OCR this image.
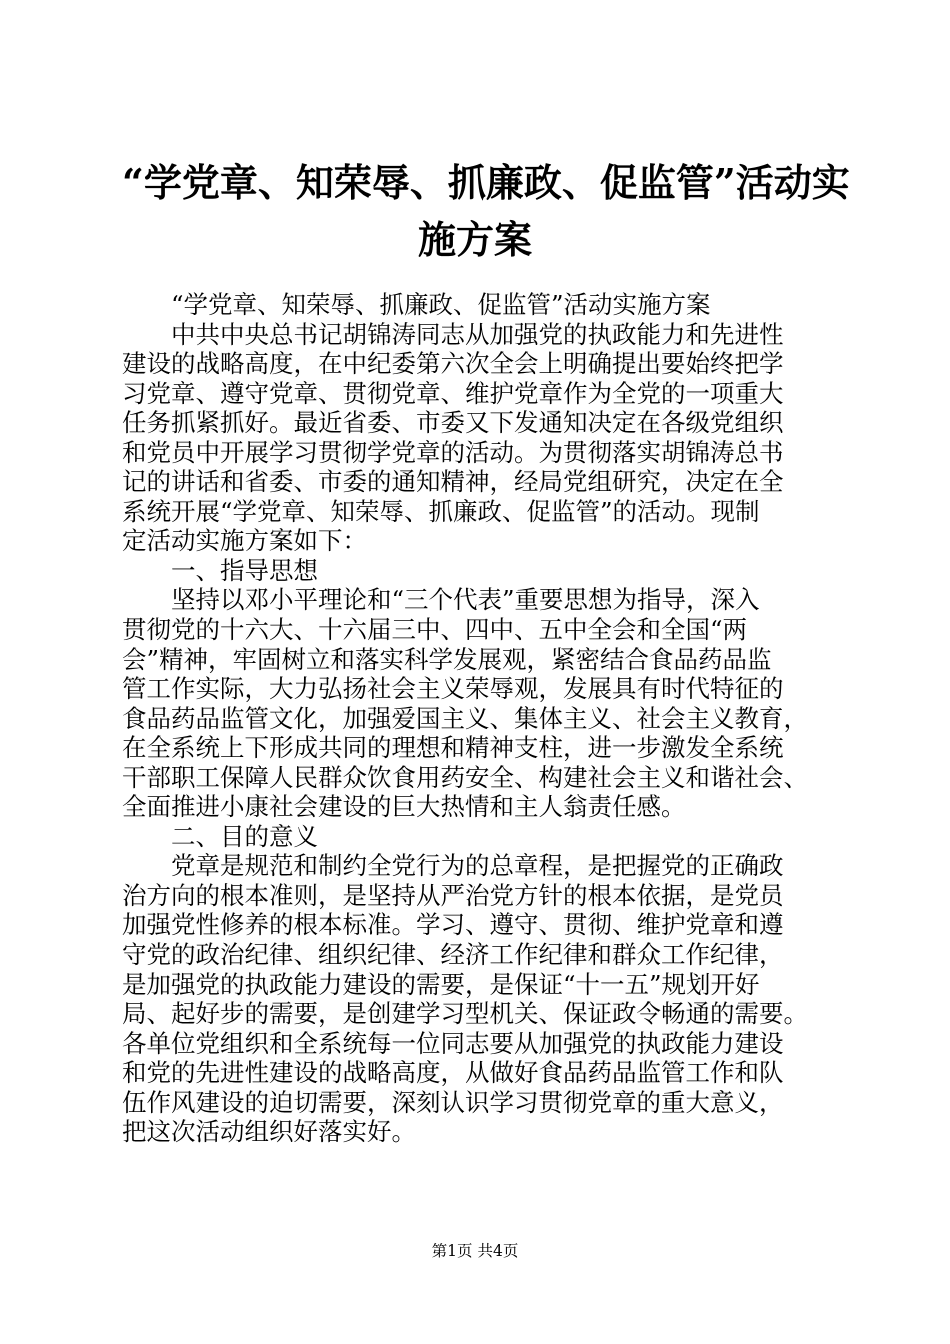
“学党章、知荣辱、抓廉政、促监管”活动实
施方案
　　“学党章、知荣辱、抓廉政、促监管”活动实施方案
　　中共中央总书记胡锦涛同志从加强党的执政能力和先进性
建设的战略高度，在中纪委第六次全会上明确提出要始终把学
习党章、遵守党章、贯彻党章、维护党章作为全党的一项重大
任务抓紧抓好。最近省委、市委又下发通知决定在各级党组织
和党员中开展学习贯彻学党章的活动。为贯彻落实胡锦涛总书
记的讲话和省委、市委的通知精神，经局党组研究，决定在全
系统开展“学党章、知荣辱、抓廉政、促监管”的活动。现制
定活动实施方案如下：
　　一、指导思想
　　坚持以邓小平理论和“三个代表”重要思想为指导，深入
贯彻党的十六大、十六届三中、四中、五中全会和全国“两
会”精神，牢固树立和落实科学发展观，紧密结合食品药品监
管工作实际，大力弘扬社会主义荣辱观，发展具有时代特征的
食品药品监管文化，加强爱国主义、集体主义、社会主义教育，
在全系统上下形成共同的理想和精神支柱，进一步激发全系统
干部职工保障人民群众饮食用药安全、构建社会主义和谐社会、
全面推进小康社会建设的巨大热情和主人翁责任感。
　　二、目的意义
　　党章是规范和制约全党行为的总章程，是把握党的正确政
治方向的根本准则，是坚持从严治党方针的根本依据，是党员
加强党性修养的根本标准。学习、遵守、贯彻、维护党章和遵
守党的政治纪律、组织纪律、经济工作纪律和群众工作纪律，
是加强党的执政能力建设的需要，是保证“十一五”规划开好
局、起好步的需要，是创建学习型机关、保证政令畅通的需要。
各单位党组织和全系统每一位同志要从加强党的执政能力建设
和党的先进性建设的战略高度，从做好食品药品监管工作和队
伍作风建设的迫切需要，深刻认识学习贯彻党章的重大意义，
把这次活动组织好落实好。
第1页 共4页
